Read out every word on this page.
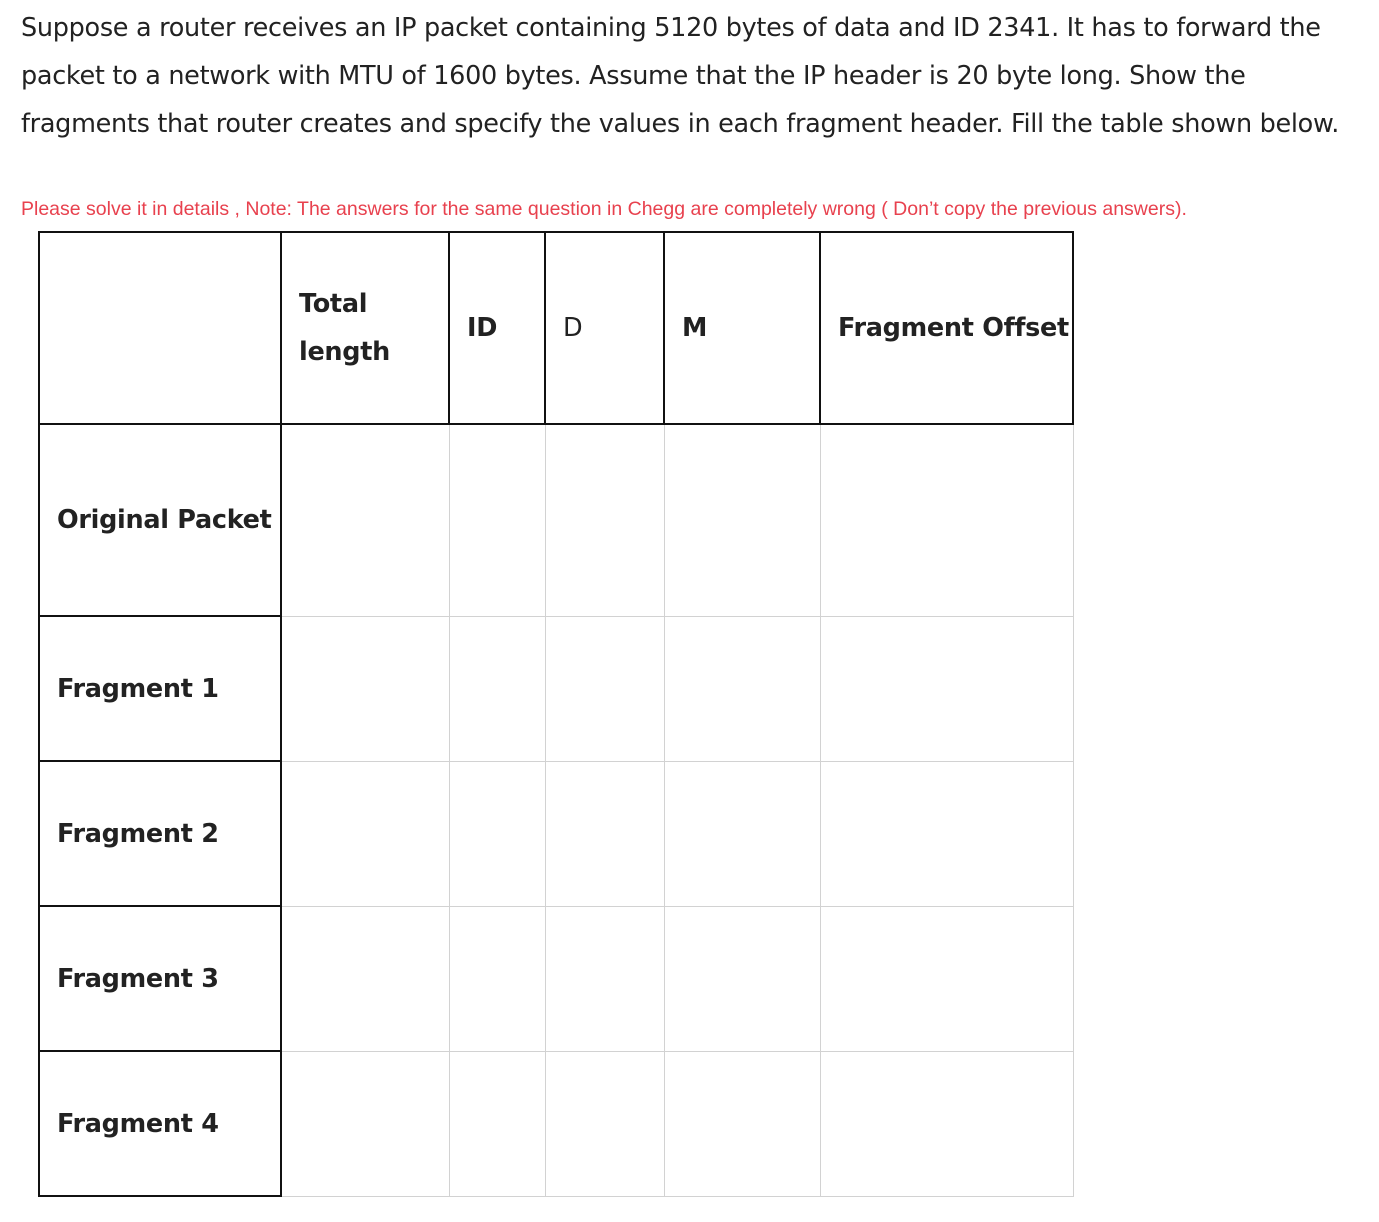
Suppose a router receives an IP packet containing 5120 bytes of data and ID 2341. It has to forward the packet to a network with MTU of 1600 bytes. Assume that the IP header is 20 byte long. Show the fragments that router creates and specify the values in each fragment header. Fill the table shown below.

Please solve it in details , Note: The answers for the same question in Chegg are completely wrong ( Don’t copy the previous answers).

	Total length	ID	D	M	Fragment Offset
Original Packet					
Fragment 1					
Fragment 2					
Fragment 3					
Fragment 4					
